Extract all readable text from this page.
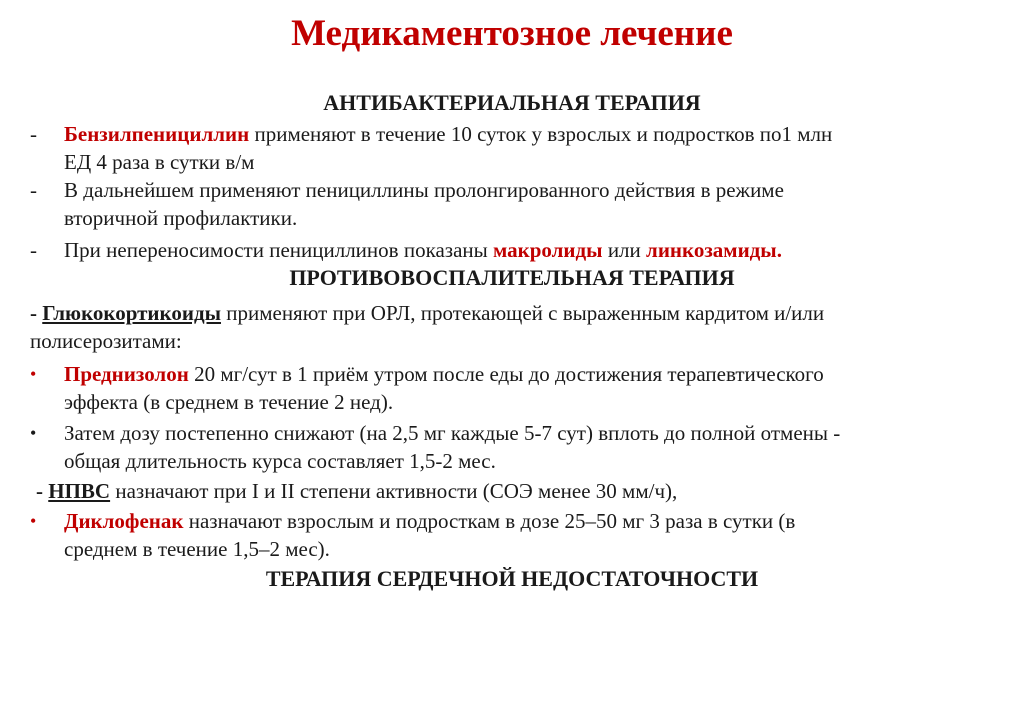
Медикаментозное лечение
АНТИБАКТЕРИАЛЬНАЯ ТЕРАПИЯ
- Бензилпенициллин применяют в течение 10 суток у взрослых и подростков по1 млн
ЕД 4 раза в сутки в/м
- В дальнейшем применяют пенициллины пролонгированного действия в режиме
вторичной профилактики.
- При непереносимости пенициллинов показаны макролиды или линкозамиды.
ПРОТИВОВОСПАЛИТЕЛЬНАЯ ТЕРАПИЯ
- Глюкокортикоиды применяют при ОРЛ, протекающей с выраженным кардитом и/или
полисерозитами:
• Преднизолон 20 мг/сут в 1 приём утром после еды до достижения терапевтического
эффекта (в среднем в течение 2 нед).
• Затем дозу постепенно снижают (на 2,5 мг каждые 5-7 сут) вплоть до полной отмены -
общая длительность курса составляет 1,5-2 мес.
- НПВС назначают при I и II степени активности (СОЭ менее 30 мм/ч),
• Диклофенак назначают взрослым и подросткам в дозе 25–50 мг 3 раза в сутки (в
среднем в течение 1,5–2 мес).
ТЕРАПИЯ СЕРДЕЧНОЙ НЕДОСТАТОЧНОСТИ
